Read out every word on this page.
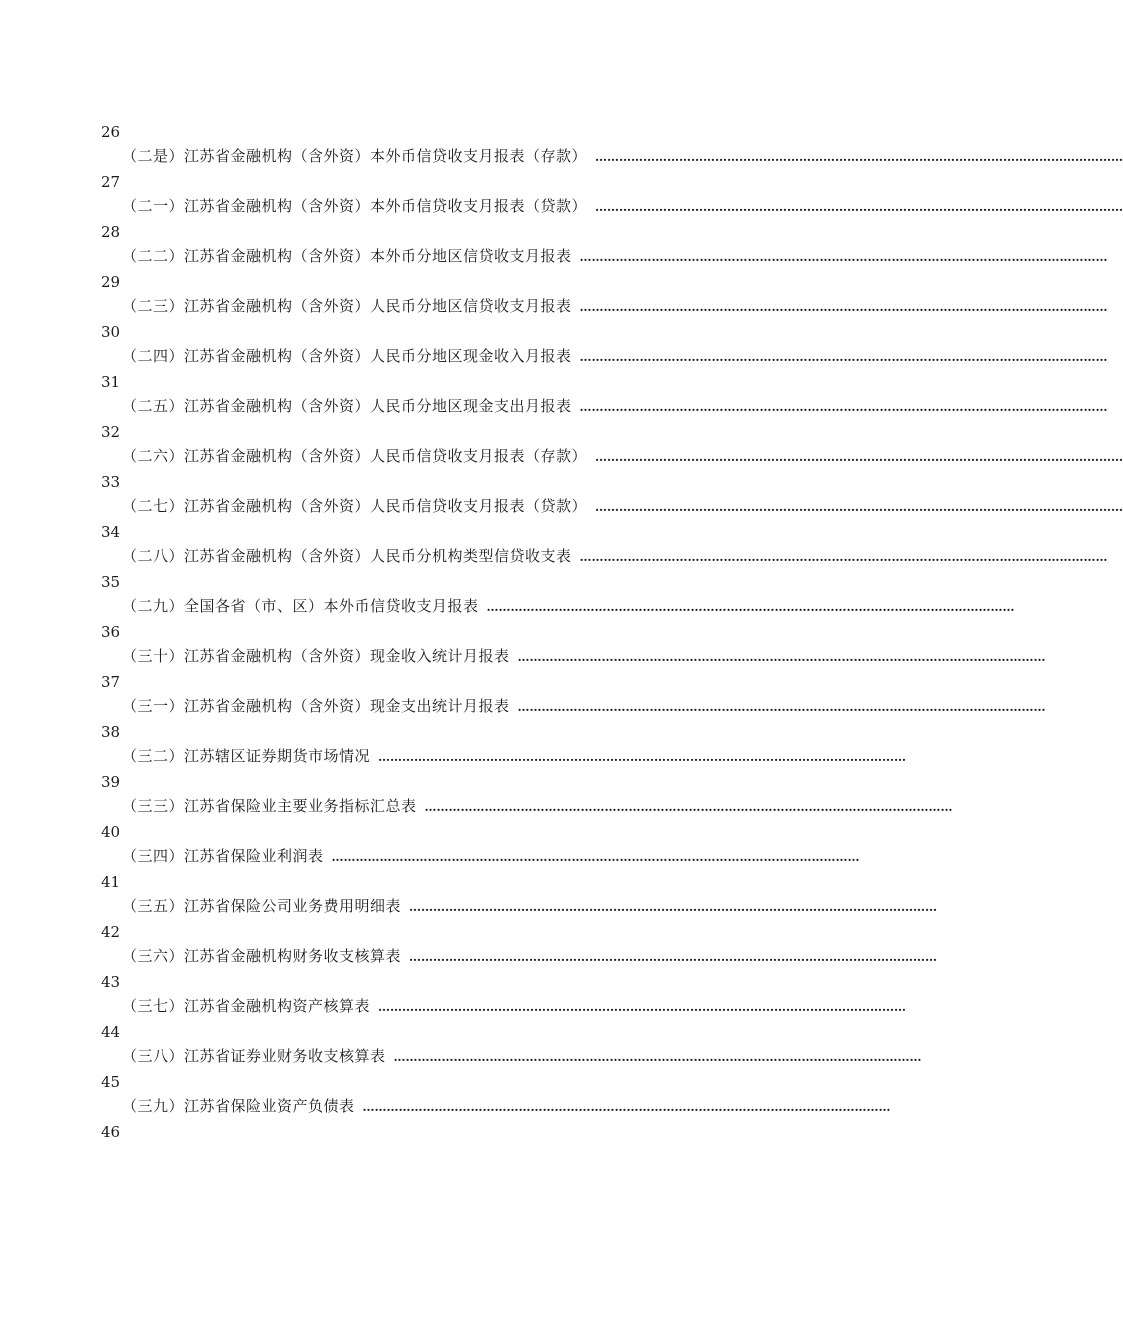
26
（二是）江苏省金融机构（含外资）本外币信贷收支月报表（存款） ……………………………………………………………………………………………………………………
27
（二一）江苏省金融机构（含外资）本外币信贷收支月报表（贷款） ……………………………………………………………………………………………………………………
28
（二二）江苏省金融机构（含外资）本外币分地区信贷收支月报表 ……………………………………………………………………………………………………………………
29
（二三）江苏省金融机构（含外资）人民币分地区信贷收支月报表 ……………………………………………………………………………………………………………………
30
（二四）江苏省金融机构（含外资）人民币分地区现金收入月报表 ……………………………………………………………………………………………………………………
31
（二五）江苏省金融机构（含外资）人民币分地区现金支出月报表 ……………………………………………………………………………………………………………………
32
（二六）江苏省金融机构（含外资）人民币信贷收支月报表（存款） ……………………………………………………………………………………………………………………
33
（二七）江苏省金融机构（含外资）人民币信贷收支月报表（贷款） ……………………………………………………………………………………………………………………
34
（二八）江苏省金融机构（含外资）人民币分机构类型信贷收支表 ……………………………………………………………………………………………………………………
35
（二九）全国各省（市、区）本外币信贷收支月报表 ……………………………………………………………………………………………………………………
36
（三十）江苏省金融机构（含外资）现金收入统计月报表 ……………………………………………………………………………………………………………………
37
（三一）江苏省金融机构（含外资）现金支出统计月报表 ……………………………………………………………………………………………………………………
38
（三二）江苏辖区证券期货市场情况 ……………………………………………………………………………………………………………………
39
（三三）江苏省保险业主要业务指标汇总表 ……………………………………………………………………………………………………………………
40
（三四）江苏省保险业利润表 ……………………………………………………………………………………………………………………
41
（三五）江苏省保险公司业务费用明细表 ……………………………………………………………………………………………………………………
42
（三六）江苏省金融机构财务收支核算表 ……………………………………………………………………………………………………………………
43
（三七）江苏省金融机构资产核算表 ……………………………………………………………………………………………………………………
44
（三八）江苏省证券业财务收支核算表 ……………………………………………………………………………………………………………………
45
（三九）江苏省保险业资产负债表 ……………………………………………………………………………………………………………………
46
